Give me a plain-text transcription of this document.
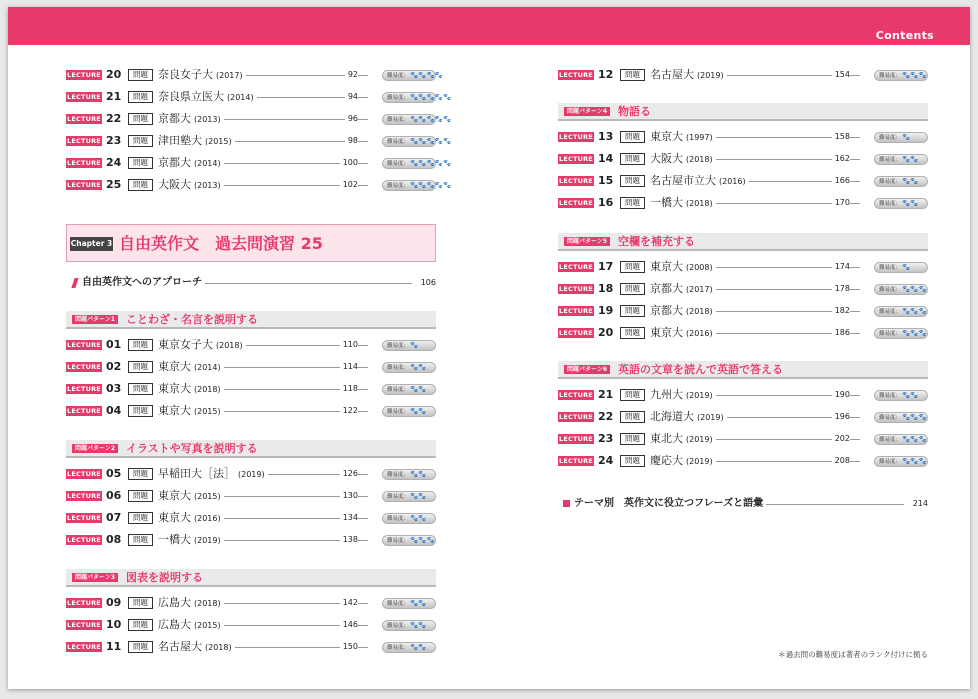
Contents
LECTURE 20	問題 奈良女子大 (2017)	92	難易度：🐾🐾🐾🐾
LECTURE 21	問題 奈良県立医大 (2014)	94	難易度：🐾🐾🐾🐾🐾
LECTURE 22	問題 京都大 (2013)	96	難易度：🐾🐾🐾🐾🐾
LECTURE 23	問題 津田塾大 (2015)	98	難易度：🐾🐾🐾🐾🐾
LECTURE 24	問題 京都大 (2014)	100	難易度：🐾🐾🐾🐾🐾
LECTURE 25	問題 大阪大 (2013)	102	難易度：🐾🐾🐾🐾🐾
Chapter 3 自由英作文　過去問演習 25
自由英作文へのアプローチ	106
問題パターン1 ことわざ・名言を説明する
LECTURE 01	問題 東京女子大 (2018)	110	難易度：🐾
LECTURE 02	問題 東京大 (2014)	114	難易度：🐾🐾
LECTURE 03	問題 東京大 (2018)	118	難易度：🐾🐾
LECTURE 04	問題 東京大 (2015)	122	難易度：🐾🐾
問題パターン2 イラストや写真を説明する
LECTURE 05	問題 早稲田大［法］ (2019)	126	難易度：🐾🐾
LECTURE 06	問題 東京大 (2015)	130	難易度：🐾🐾
LECTURE 07	問題 東京大 (2016)	134	難易度：🐾🐾
LECTURE 08	問題 一橋大 (2019)	138	難易度：🐾🐾🐾
問題パターン3 図表を説明する
LECTURE 09	問題 広島大 (2018)	142	難易度：🐾🐾
LECTURE 10	問題 広島大 (2015)	146	難易度：🐾🐾
LECTURE 11	問題 名古屋大 (2018)	150	難易度：🐾🐾
LECTURE 12	問題 名古屋大 (2019)	154	難易度：🐾🐾🐾
問題パターン4 物語る
LECTURE 13	問題 東京大 (1997)	158	難易度：🐾
LECTURE 14	問題 大阪大 (2018)	162	難易度：🐾🐾
LECTURE 15	問題 名古屋市立大 (2016)	166	難易度：🐾🐾
LECTURE 16	問題 一橋大 (2018)	170	難易度：🐾🐾
問題パターン5 空欄を補充する
LECTURE 17	問題 東京大 (2008)	174	難易度：🐾
LECTURE 18	問題 京都大 (2017)	178	難易度：🐾🐾🐾
LECTURE 19	問題 京都大 (2018)	182	難易度：🐾🐾🐾
LECTURE 20	問題 東京大 (2016)	186	難易度：🐾🐾🐾
問題パターン6 英語の文章を読んで英語で答える
LECTURE 21	問題 九州大 (2019)	190	難易度：🐾🐾
LECTURE 22	問題 北海道大 (2019)	196	難易度：🐾🐾🐾
LECTURE 23	問題 東北大 (2019)	202	難易度：🐾🐾🐾
LECTURE 24	問題 慶応大 (2019)	208	難易度：🐾🐾🐾
テーマ別　英作文に役立つフレーズと語彙	214
＊過去問の難易度は著者のランク付けに拠る
